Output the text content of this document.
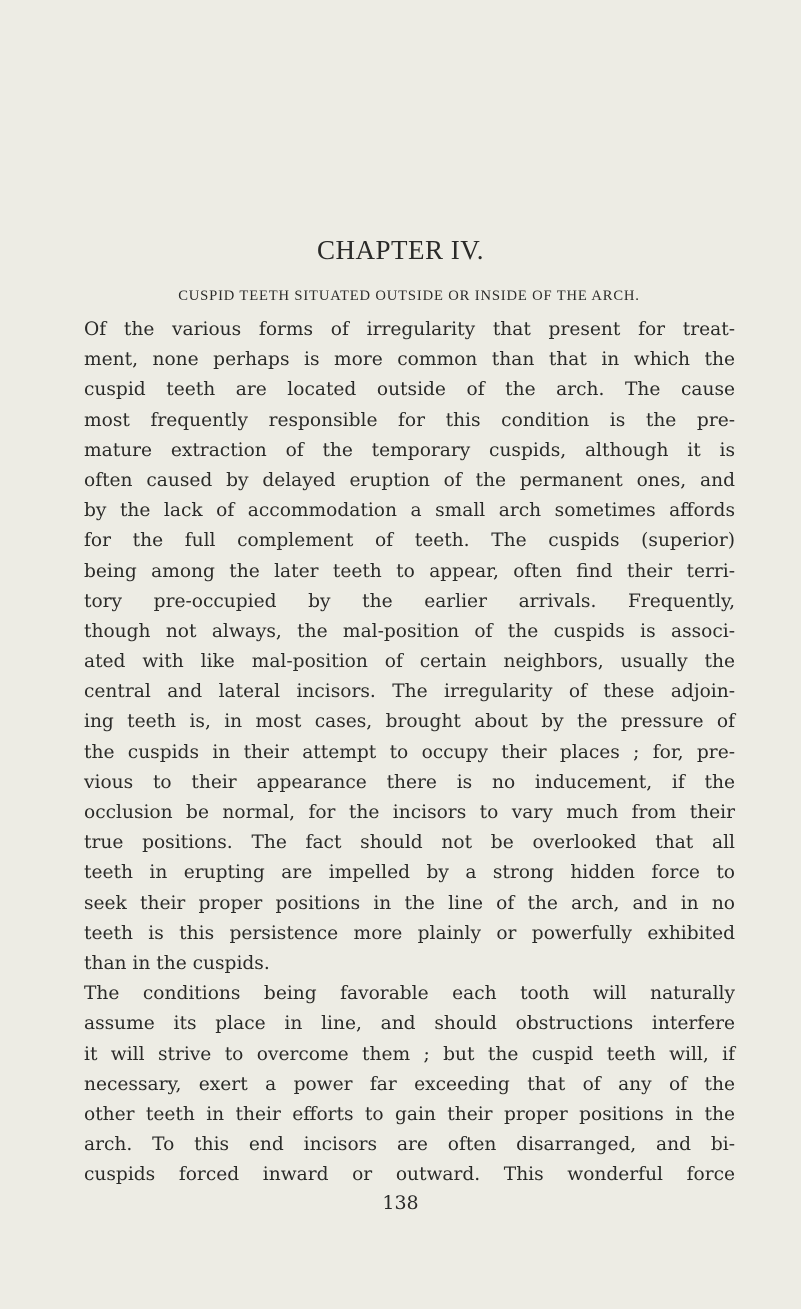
CHAPTER IV.
CUSPID TEETH SITUATED OUTSIDE OR INSIDE OF THE ARCH.
Of the various forms of irregularity that present for treat-
ment, none perhaps is more common than that in which the
cuspid teeth are located outside of the arch. The cause
most frequently responsible for this condition is the pre-
mature extraction of the temporary cuspids, although it is
often caused by delayed eruption of the permanent ones, and
by the lack of accommodation a small arch sometimes affords
for the full complement of teeth. The cuspids (superior)
being among the later teeth to appear, often find their terri-
tory pre-occupied by the earlier arrivals. Frequently,
though not always, the mal-position of the cuspids is associ-
ated with like mal-position of certain neighbors, usually the
central and lateral incisors. The irregularity of these adjoin-
ing teeth is, in most cases, brought about by the pressure of
the cuspids in their attempt to occupy their places ; for, pre-
vious to their appearance there is no inducement, if the
occlusion be normal, for the incisors to vary much from their
true positions. The fact should not be overlooked that all
teeth in erupting are impelled by a strong hidden force to
seek their proper positions in the line of the arch, and in no
teeth is this persistence more plainly or powerfully exhibited
than in the cuspids.
The conditions being favorable each tooth will naturally
assume its place in line, and should obstructions interfere
it will strive to overcome them ; but the cuspid teeth will, if
necessary, exert a power far exceeding that of any of the
other teeth in their efforts to gain their proper positions in the
arch. To this end incisors are often disarranged, and bi-
cuspids forced inward or outward. This wonderful force
138
